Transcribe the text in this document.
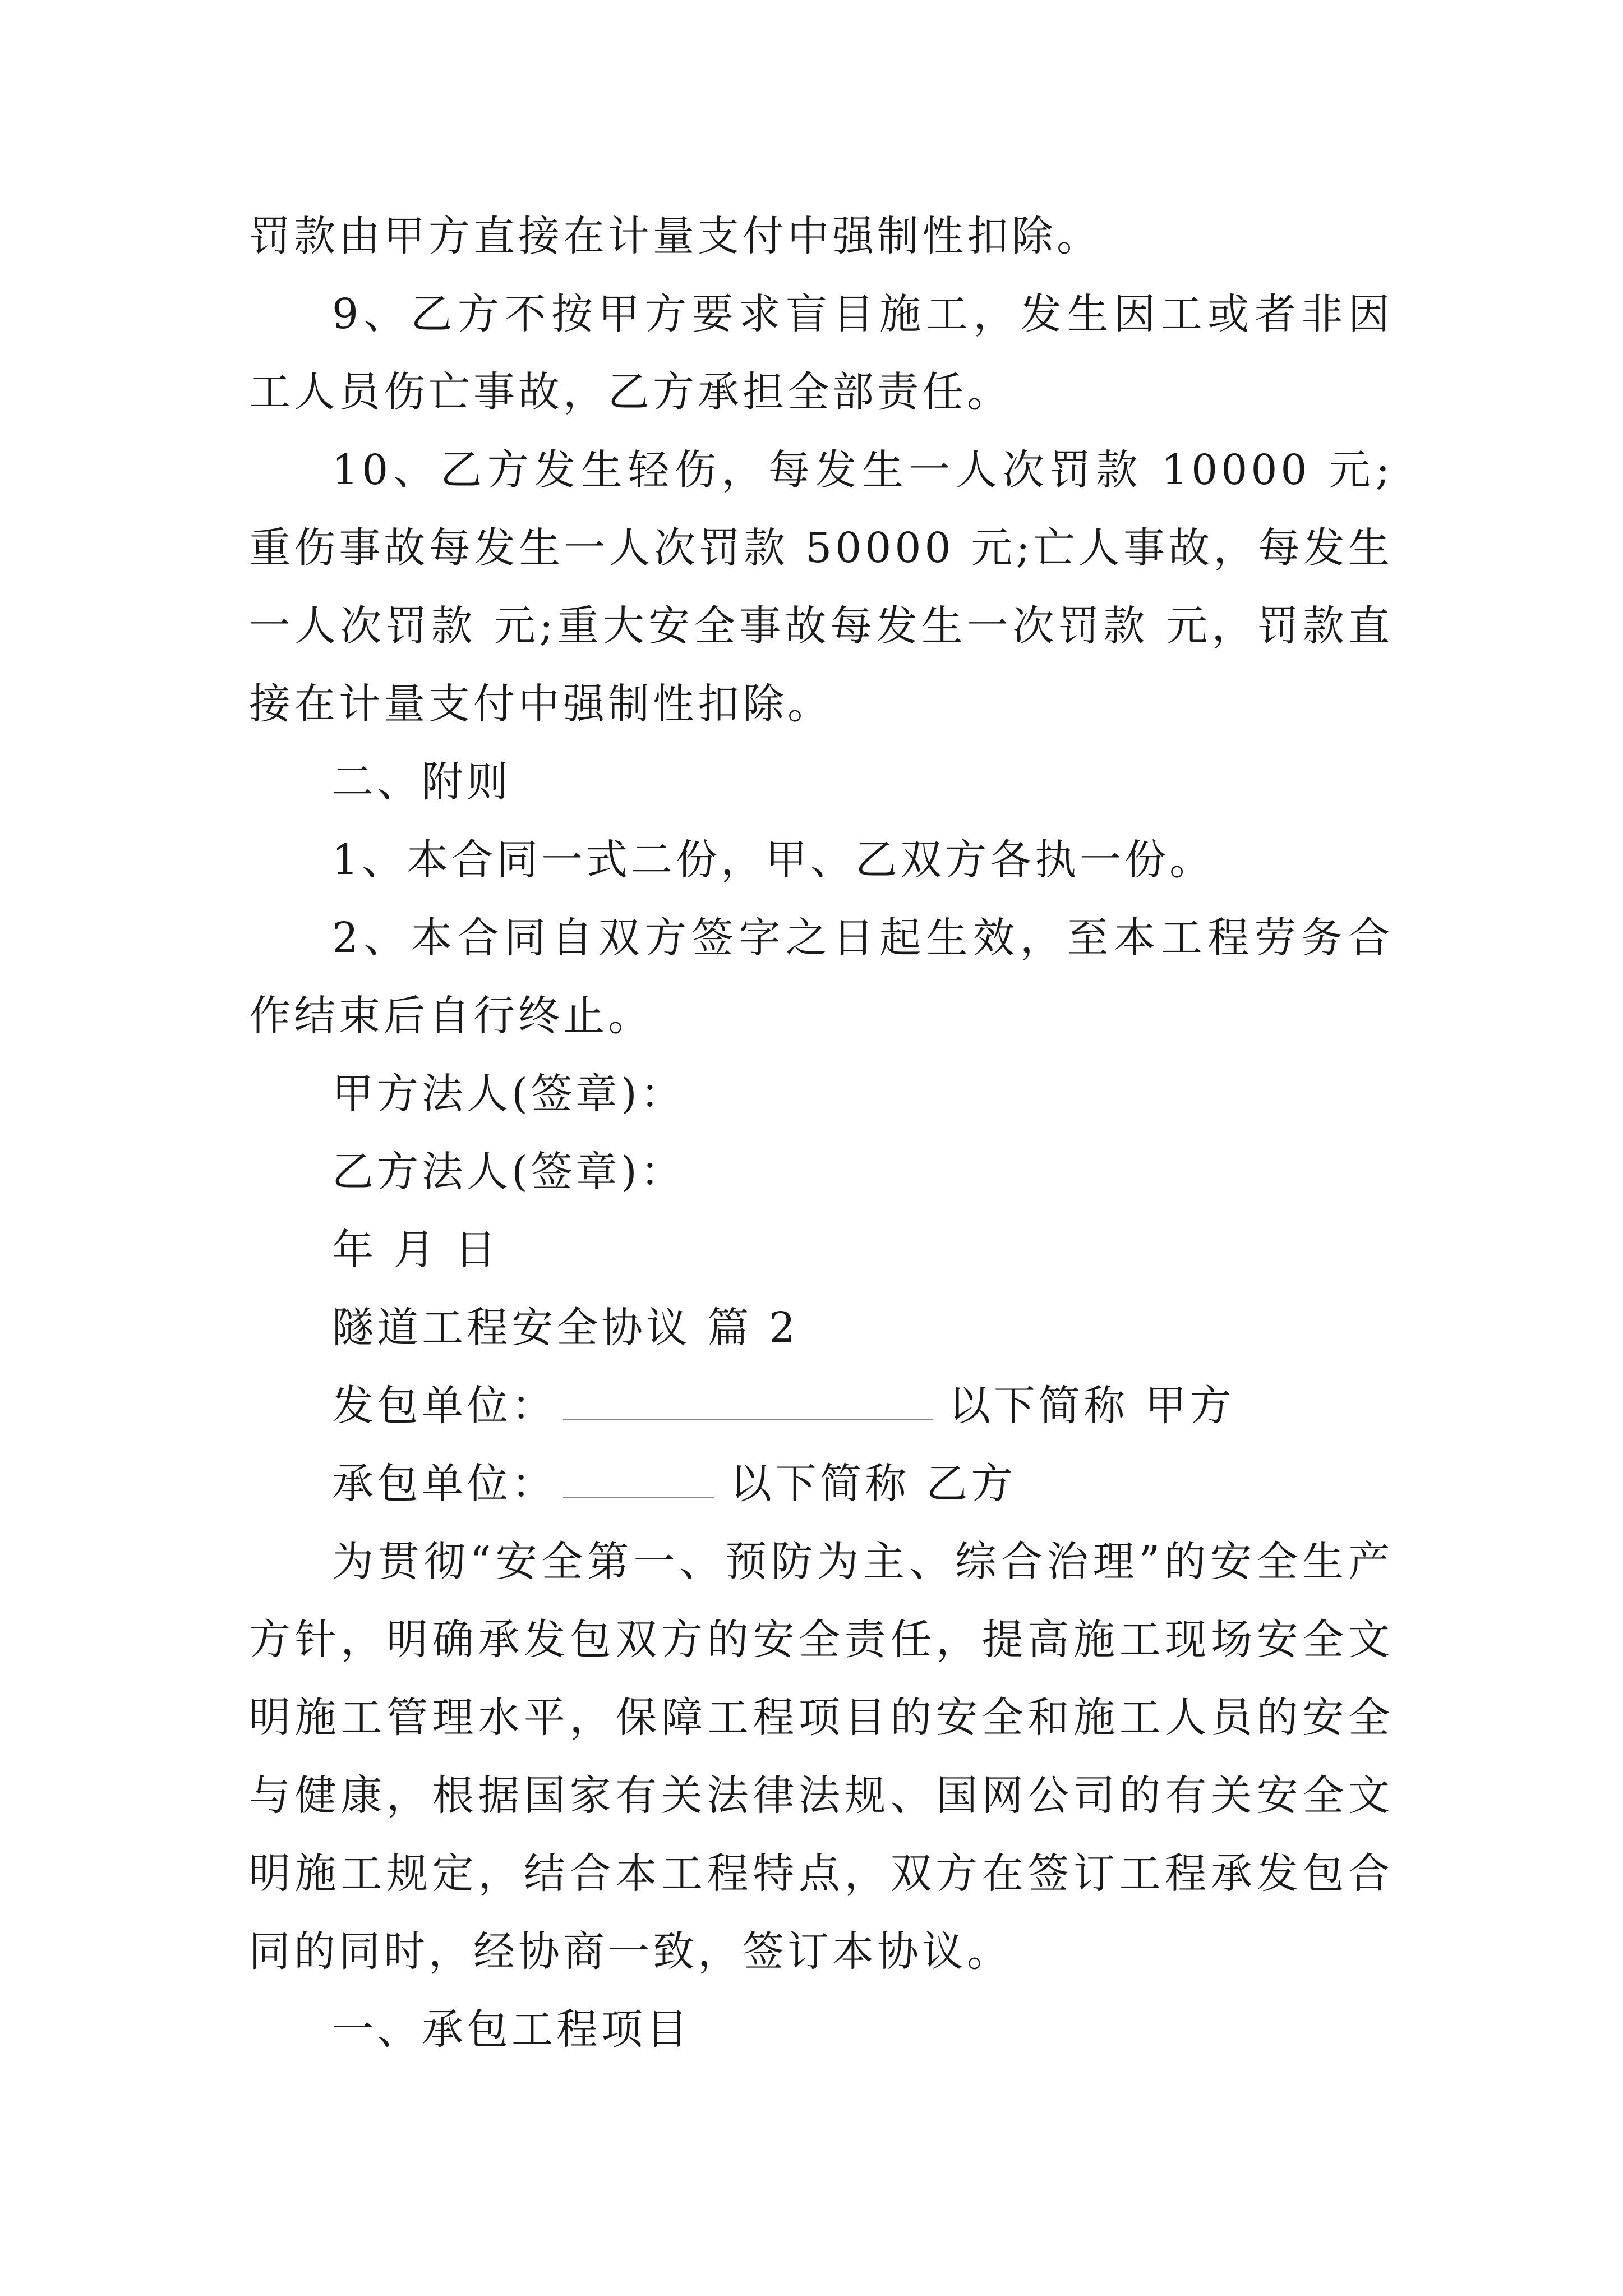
罚款由甲方直接在计量支付中强制性扣除。

9、乙方不按甲方要求盲目施工，发生因工或者非因工人员伤亡事故，乙方承担全部责任。

10、乙方发生轻伤，每发生一人次罚款 10000 元;重伤事故每发生一人次罚款 50000 元;亡人事故，每发生一人次罚款 元;重大安全事故每发生一次罚款 元，罚款直接在计量支付中强制性扣除。

二、附则

1、本合同一式二份，甲、乙双方各执一份。

2、本合同自双方签字之日起生效，至本工程劳务合作结束后自行终止。

甲方法人(签章)：

乙方法人(签章)：

年 月 日

隧道工程安全协议 篇 2

发包单位：	以下简称 甲方

承包单位：	以下简称 乙方

为贯彻“安全第一、预防为主、综合治理”的安全生产方针，明确承发包双方的安全责任，提高施工现场安全文明施工管理水平，保障工程项目的安全和施工人员的安全与健康，根据国家有关法律法规、国网公司的有关安全文明施工规定，结合本工程特点，双方在签订工程承发包合同的同时，经协商一致，签订本协议。

一、承包工程项目
